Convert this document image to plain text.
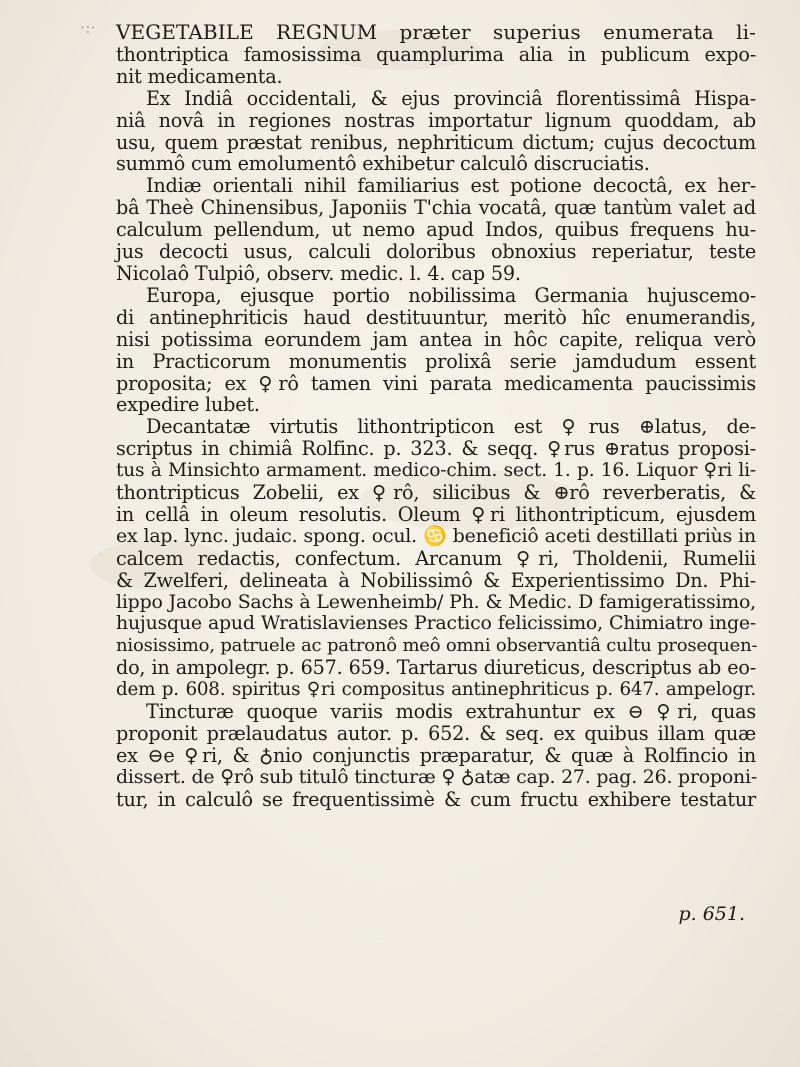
·:· VEGETABILE REGNUM præter superius enumerata li-
thontriptica famosissima quamplurima alia in publicum expo-
nit medicamenta.
Ex Indiâ occidentali, & ejus provinciâ florentissimâ Hispa-
niâ novâ in regiones nostras importatur lignum quoddam, ab
usu, quem præstat renibus, nephriticum dictum; cujus decoctum
summô cum emolumentô exhibetur calculô discruciatis.
Indiæ orientali nihil familiarius est potione decoctâ, ex her-
bâ Theè Chinensibus, Japoniis T'chia vocatâ, quæ tantùm valet ad
calculum pellendum, ut nemo apud Indos, quibus frequens hu-
jus decocti usus, calculi doloribus obnoxius reperiatur, teste
Nicolaô Tulpiô, observ. medic. l. 4. cap 59.
Europa, ejusque portio nobilissima Germania hujuscemo-
di antinephriticis haud destituuntur, meritò hîc enumerandis,
nisi potissima eorundem jam antea in hôc capite, reliqua verò
in Practicorum monumentis prolixâ serie jamdudum essent
proposita; ex ♀rô tamen vini parata medicamenta paucissimis
expedire lubet.
Decantatæ virtutis lithontripticon est ♀rus ⊕latus, de-
scriptus in chimiâ Rolfinc. p. 323. & seqq. ♀rus ⊕ratus proposi-
tus à Minsichto armament. medico-chim. sect. 1. p. 16. Liquor ♀ri li-
thontripticus Zobelii, ex ♀rô, silicibus & ⊕rô reverberatis, &
in cellâ in oleum resolutis. Oleum ♀ri lithontripticum, ejusdem
ex lap. lync. judaic. spong. ocul. ♋ beneficiô aceti destillati priùs in
calcem redactis, confectum. Arcanum ♀ri, Tholdenii, Rumelii
& Zwelferi, delineata à Nobilissimô & Experientissimo Dn. Phi-
lippo Jacobo Sachs à Lewenheimb/ Ph. & Medic. D famigeratissimo,
hujusque apud Wratislavienses Practico felicissimo, Chimiatro inge-
niosissimo, patruele ac patronô meô omni observantiâ cultu prosequen-
do, in ampolegr. p. 657. 659. Tartarus diureticus, descriptus ab eo-
dem p. 608. spiritus ♀ri compositus antinephriticus p. 647. ampelogr.
Tincturæ quoque variis modis extrahuntur ex ⊖ ♀ri, quas
proponit prælaudatus autor. p. 652. & seq. ex quibus illam quæ
ex ⊖e ♀ri, & ♁nio conjunctis præparatur, & quæ à Rolfincio in
dissert. de ♀rô sub titulô tincturæ ♀ ♁atæ cap. 27. pag. 26. proponi-
tur, in calculô se frequentissimè & cum fructu exhibere testatur
p. 651.
